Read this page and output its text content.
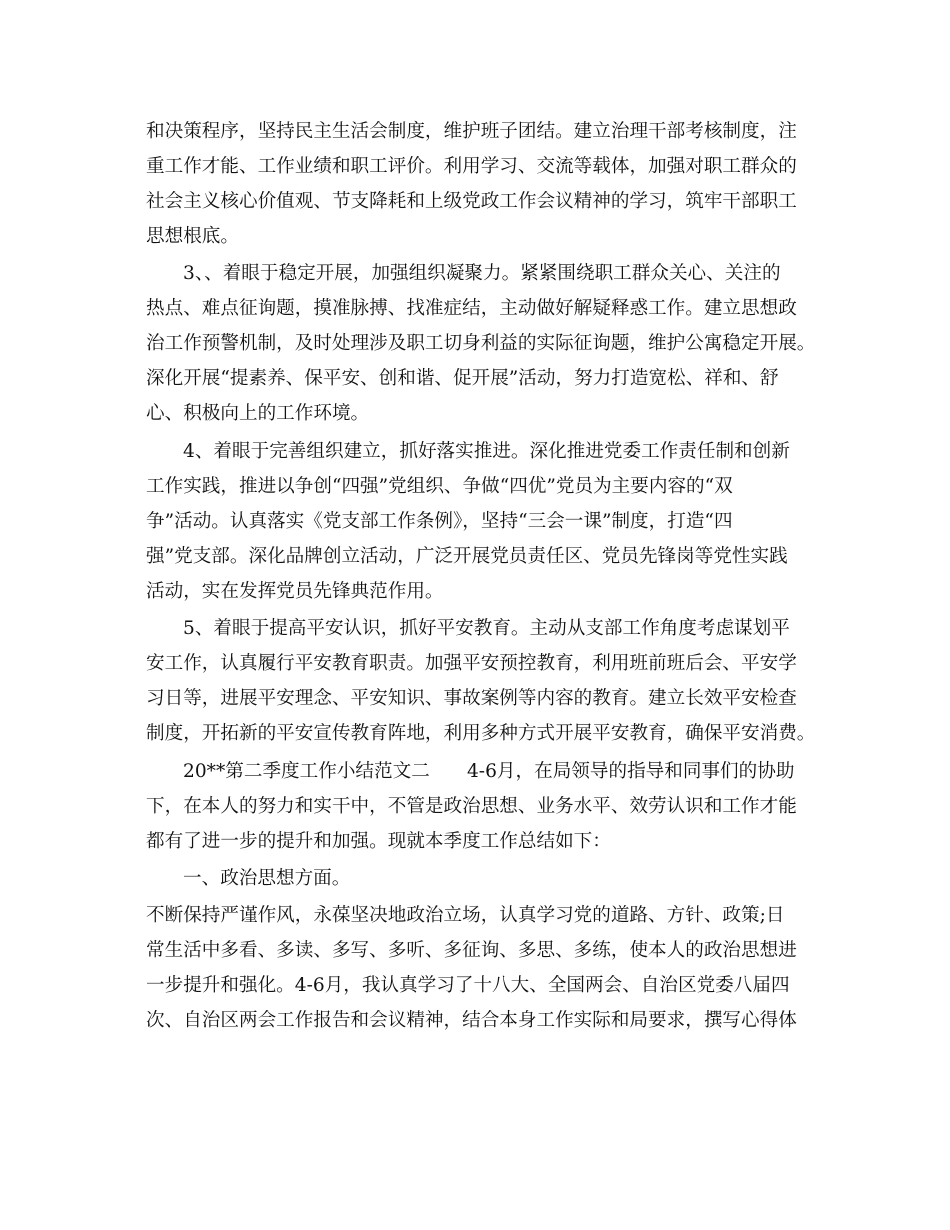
和决策程序，坚持民主生活会制度，维护班子团结。建立治理干部考核制度，注
重工作才能、工作业绩和职工评价。利用学习、交流等载体，加强对职工群众的
社会主义核心价值观、节支降耗和上级党政工作会议精神的学习，筑牢干部职工
思想根底。
3、、着眼于稳定开展，加强组织凝聚力。紧紧围绕职工群众关心、关注的
热点、难点征询题，摸准脉搏、找准症结，主动做好解疑释惑工作。建立思想政
治工作预警机制，及时处理涉及职工切身利益的实际征询题，维护公寓稳定开展。
深化开展“提素养、保平安、创和谐、促开展”活动，努力打造宽松、祥和、舒
心、积极向上的工作环境。
4、着眼于完善组织建立，抓好落实推进。深化推进党委工作责任制和创新
工作实践，推进以争创“四强”党组织、争做“四优”党员为主要内容的“双
争”活动。认真落实《党支部工作条例》，坚持“三会一课”制度，打造“四
强”党支部。深化品牌创立活动，广泛开展党员责任区、党员先锋岗等党性实践
活动，实在发挥党员先锋典范作用。
5、着眼于提高平安认识，抓好平安教育。主动从支部工作角度考虑谋划平
安工作，认真履行平安教育职责。加强平安预控教育，利用班前班后会、平安学
习日等，进展平安理念、平安知识、事故案例等内容的教育。建立长效平安检查
制度，开拓新的平安宣传教育阵地，利用多种方式开展平安教育，确保平安消费。
20**第二季度工作小结范文二　　4-6月，在局领导的指导和同事们的协助
下，在本人的努力和实干中，不管是政治思想、业务水平、效劳认识和工作才能
都有了进一步的提升和加强。现就本季度工作总结如下：
一、政治思想方面。
不断保持严谨作风，永葆坚决地政治立场，认真学习党的道路、方针、政策;日
常生活中多看、多读、多写、多听、多征询、多思、多练，使本人的政治思想进
一步提升和强化。4-6月，我认真学习了十八大、全国两会、自治区党委八届四
次、自治区两会工作报告和会议精神，结合本身工作实际和局要求，撰写心得体
